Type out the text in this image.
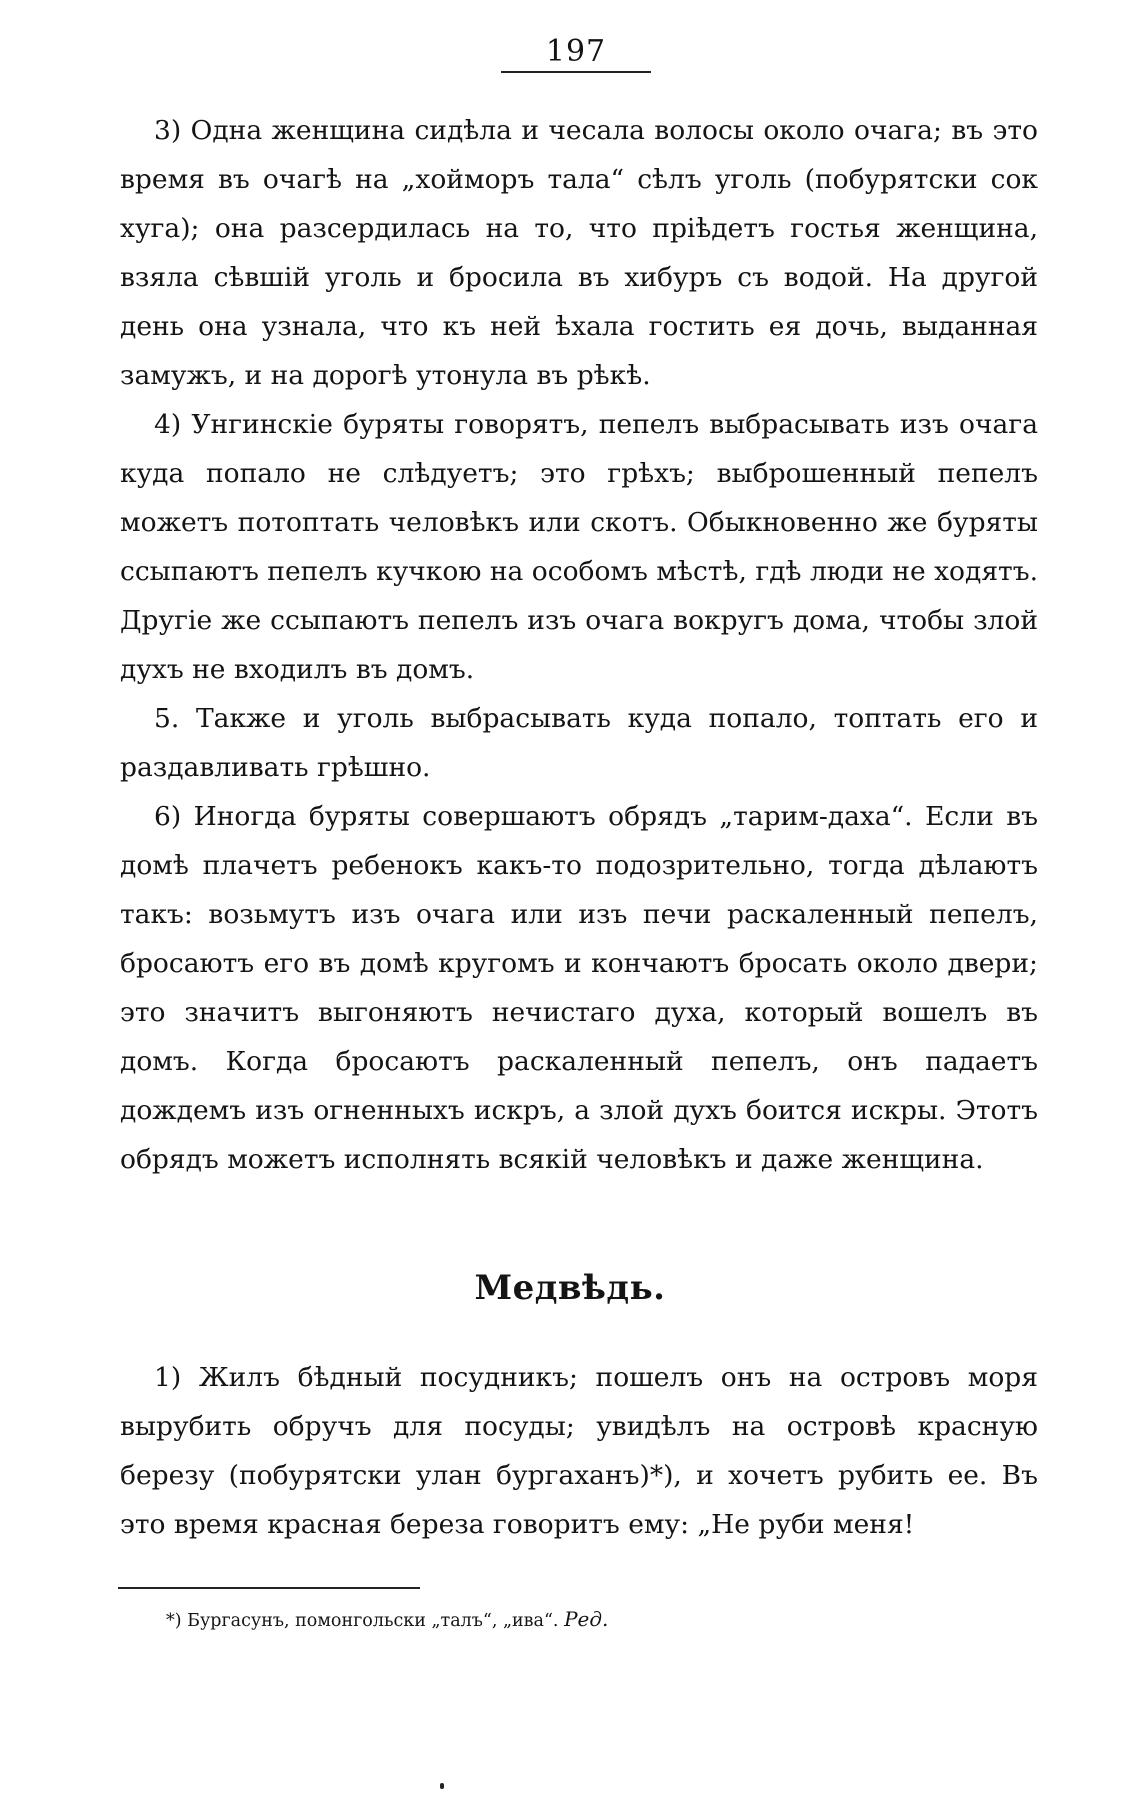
197

3) Одна женщина сидѣла и чесала волосы около очага; въ это время въ очагѣ на „хойморъ тала“ сѣлъ уголь (побурятски сок хуга); она разсердилась на то, что пріѣдетъ гостья женщина, взяла сѣвшій уголь и бросила въ хибуръ съ водой. На другой день она узнала, что къ ней ѣхала гостить ея дочь, выданная замужъ, и на дорогѣ утонула въ рѣкѣ.

4) Унгинскіе буряты говорятъ, пепелъ выбрасывать изъ очага куда попало не слѣдуетъ; это грѣхъ; выброшенный пепелъ можетъ потоптать человѣкъ или скотъ. Обыкновенно же буряты ссыпаютъ пепелъ кучкою на особомъ мѣстѣ, гдѣ люди не ходятъ. Другіе же ссыпаютъ пепелъ изъ очага вокругъ дома, чтобы злой духъ не входилъ въ домъ.

5. Также и уголь выбрасывать куда попало, топтать его и раздавливать грѣшно.

6) Иногда буряты совершаютъ обрядъ „тарим-даха“. Если въ домѣ плачетъ ребенокъ какъ-то подозрительно, тогда дѣлаютъ такъ: возьмутъ изъ очага или изъ печи раскаленный пепелъ, бросаютъ его въ домѣ кругомъ и кончаютъ бросать около двери; это значитъ выгоняютъ нечистаго духа, который вошелъ въ домъ. Когда бросаютъ раскаленный пепелъ, онъ падаетъ дождемъ изъ огненныхъ искръ, а злой духъ боится искры. Этотъ обрядъ можетъ исполнять всякій человѣкъ и даже женщина.

Медвѣдь.

1) Жилъ бѣдный посудникъ; пошелъ онъ на островъ моря вырубить обручъ для посуды; увидѣлъ на островѣ красную березу (побурятски улан бургаханъ)*), и хочетъ рубить ее. Въ это время красная береза говоритъ ему: „Не руби меня!

*) Бургасунъ, помонгольски „талъ“, „ива“. Ред.
